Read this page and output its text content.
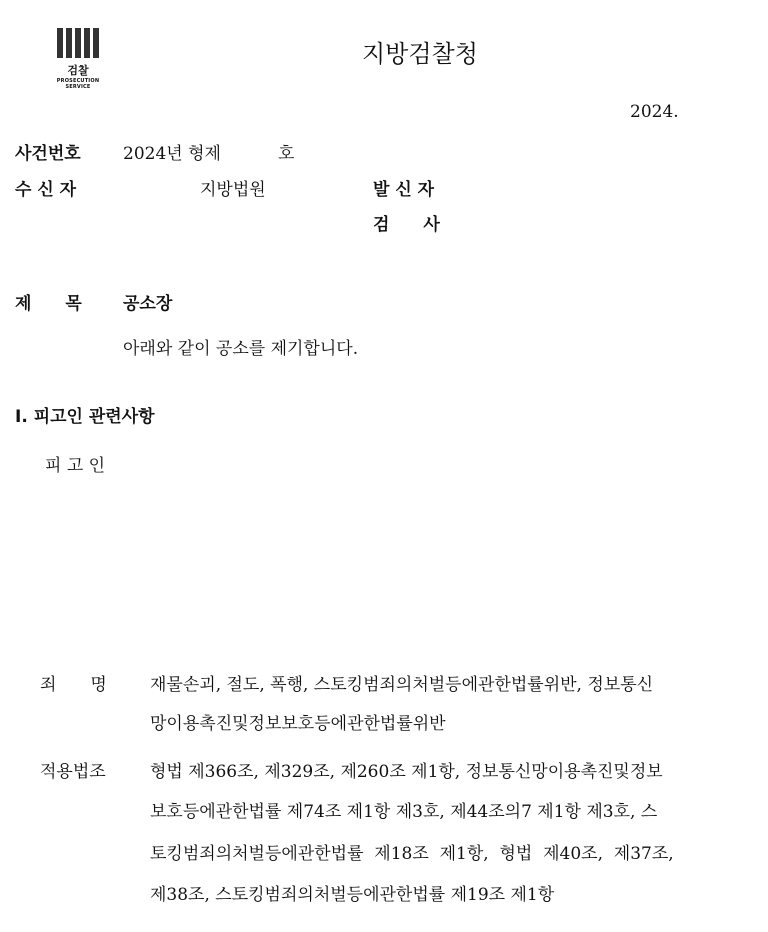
검찰
PROSECUTION SERVICE
지방검찰청
2024.
사건번호 2024년 형제	호
수 신 자	지방법원	발 신 자
검　　사
제　　목 공소장
아래와 같이 공소를 제기합니다.
I. 피고인 관련사항
피 고 인
죄　　명	재물손괴, 절도, 폭행, 스토킹범죄의처벌등에관한법률위반, 정보통신
망이용촉진및정보보호등에관한법률위반
적용법조	형법 제366조, 제329조, 제260조 제1항, 정보통신망이용촉진및정보
보호등에관한법률 제74조 제1항 제3호, 제44조의7 제1항 제3호, 스
토킹범죄의처벌등에관한법률  제18조  제1항,  형법  제40조,  제37조,
제38조, 스토킹범죄의처벌등에관한법률 제19조 제1항
